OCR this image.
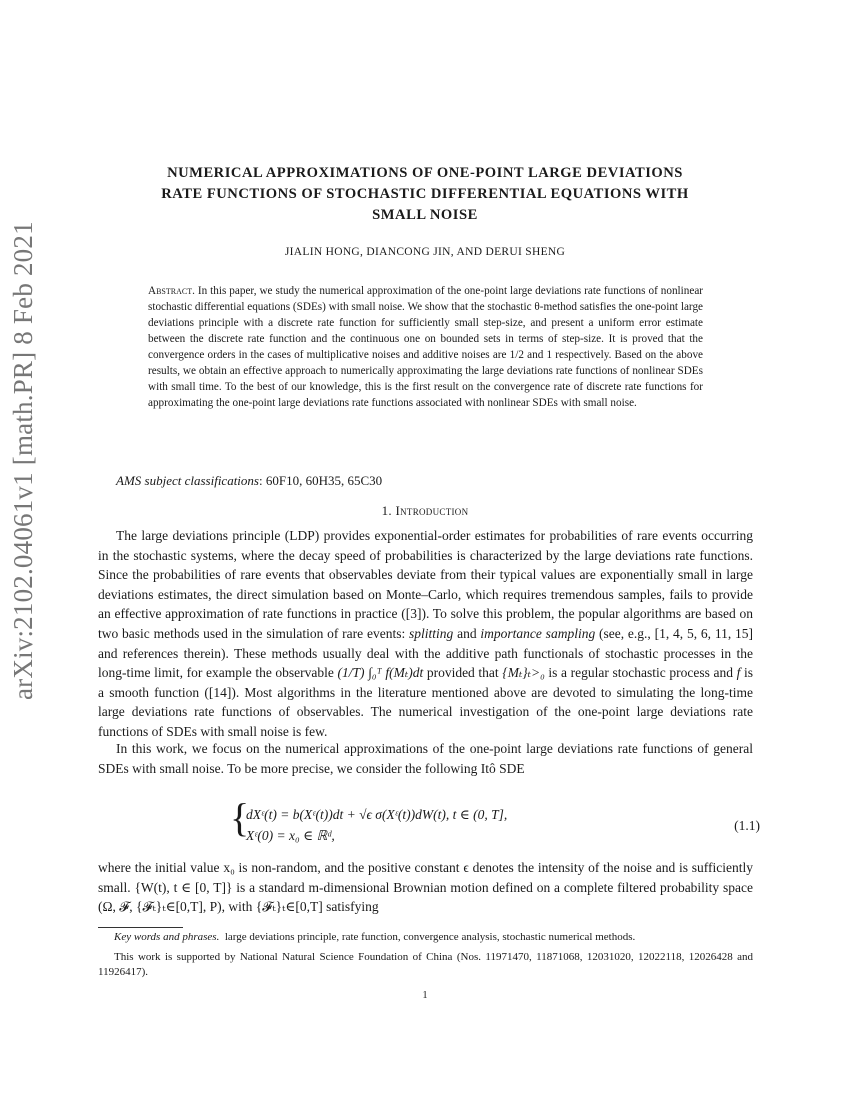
arXiv:2102.04061v1 [math.PR] 8 Feb 2021
NUMERICAL APPROXIMATIONS OF ONE-POINT LARGE DEVIATIONS
RATE FUNCTIONS OF STOCHASTIC DIFFERENTIAL EQUATIONS WITH
SMALL NOISE
JIALIN HONG, DIANCONG JIN, AND DERUI SHENG
Abstract. In this paper, we study the numerical approximation of the one-point large deviations rate functions of nonlinear stochastic differential equations (SDEs) with small noise. We show that the stochastic θ-method satisfies the one-point large deviations principle with a discrete rate function for sufficiently small step-size, and present a uniform error estimate between the discrete rate function and the continuous one on bounded sets in terms of step-size. It is proved that the convergence orders in the cases of multiplicative noises and additive noises are 1/2 and 1 respectively. Based on the above results, we obtain an effective approach to numerically approximating the large deviations rate functions of nonlinear SDEs with small time. To the best of our knowledge, this is the first result on the convergence rate of discrete rate functions for approximating the one-point large deviations rate functions associated with nonlinear SDEs with small noise.
AMS subject classifications: 60F10, 60H35, 65C30
1. Introduction
The large deviations principle (LDP) provides exponential-order estimates for probabilities of rare events occurring in the stochastic systems, where the decay speed of probabilities is characterized by the large deviations rate functions. Since the probabilities of rare events that observables deviate from their typical values are exponentially small in large deviations estimates, the direct simulation based on Monte–Carlo, which requires tremendous samples, fails to provide an effective approximation of rate functions in practice ([3]). To solve this problem, the popular algorithms are based on two basic methods used in the simulation of rare events: splitting and importance sampling (see, e.g., [1, 4, 5, 6, 11, 15] and references therein). These methods usually deal with the additive path functionals of stochastic processes in the long-time limit, for example the observable (1/T) ∫₀ᵀ f(Mₜ)dt provided that {Mₜ}ₜ>₀ is a regular stochastic process and f is a smooth function ([14]). Most algorithms in the literature mentioned above are devoted to simulating the long-time large deviations rate functions of observables. The numerical investigation of the one-point large deviations rate functions of SDEs with small noise is few.
In this work, we focus on the numerical approximations of the one-point large deviations rate functions of general SDEs with small noise. To be more precise, we consider the following Itô SDE
{
dXᵋ(t) = b(Xᵋ(t))dt + √ϵ σ(Xᵋ(t))dW(t), t ∈ (0, T],
Xᵋ(0) = x₀ ∈ ℝᵈ,
(1.1)
where the initial value x₀ is non-random, and the positive constant ϵ denotes the intensity of the noise and is sufficiently small. {W(t), t ∈ [0, T]} is a standard m-dimensional Brownian motion defined on a complete filtered probability space (Ω, 𝓕, {𝓕ₜ}ₜ∈[0,T], P), with {𝓕ₜ}ₜ∈[0,T] satisfying

Key words and phrases. large deviations principle, rate function, convergence analysis, stochastic numerical methods.

This work is supported by National Natural Science Foundation of China (Nos. 11971470, 11871068, 12031020, 12022118, 12026428 and 11926417).

1
